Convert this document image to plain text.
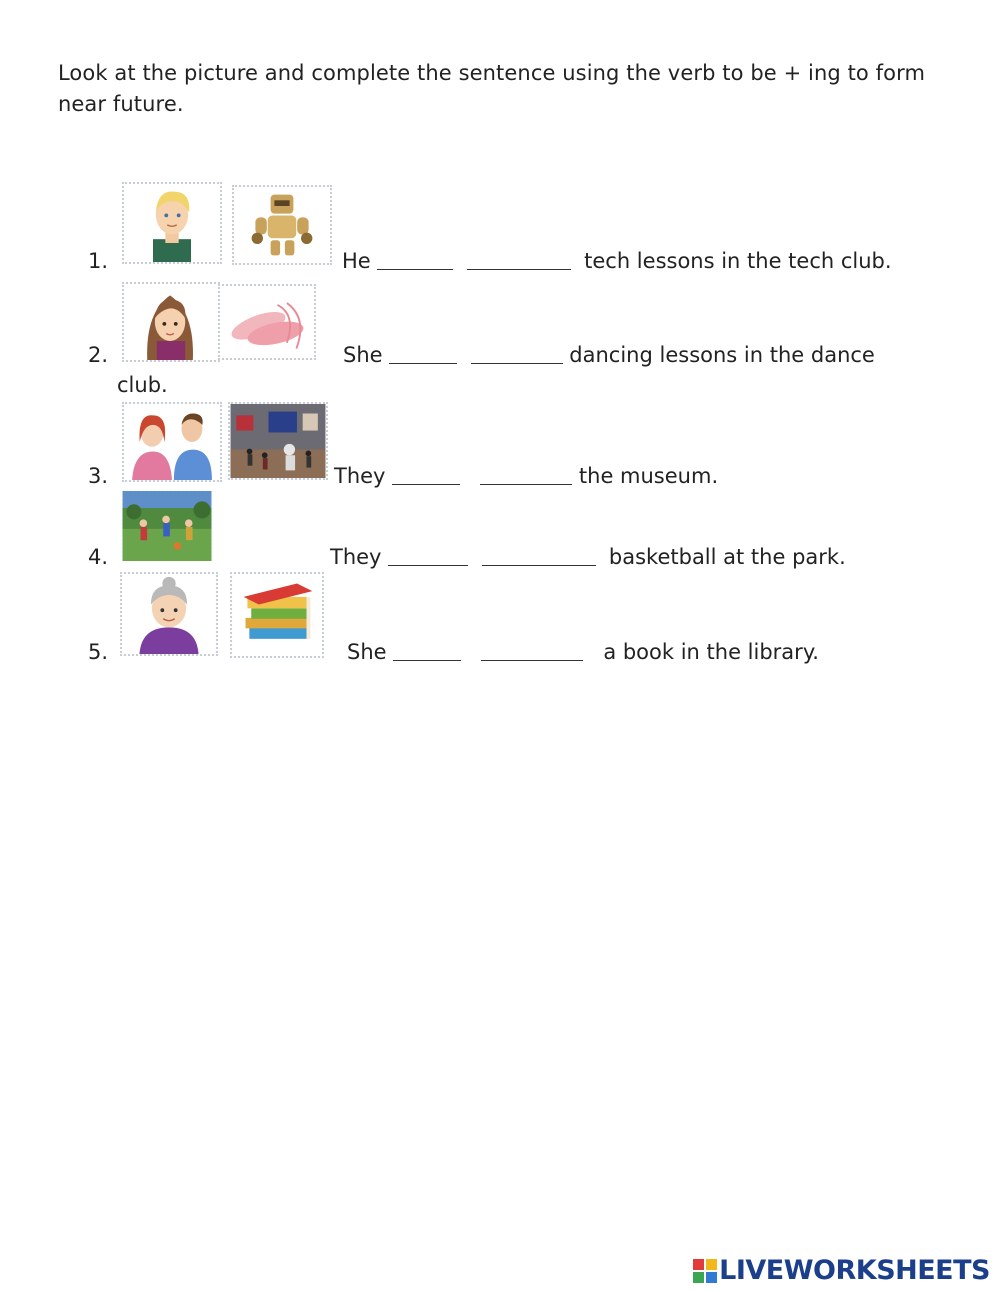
Look at the picture and complete the sentence using the verb to be + ing to form near future.
1.	He	tech lessons in the tech club.
2.	She	dancing lessons in the dance
club.
3.	They	the museum.
4.	They	basketball at the park.
5.	She	a book in the library.
LIVEWORKSHEETS
